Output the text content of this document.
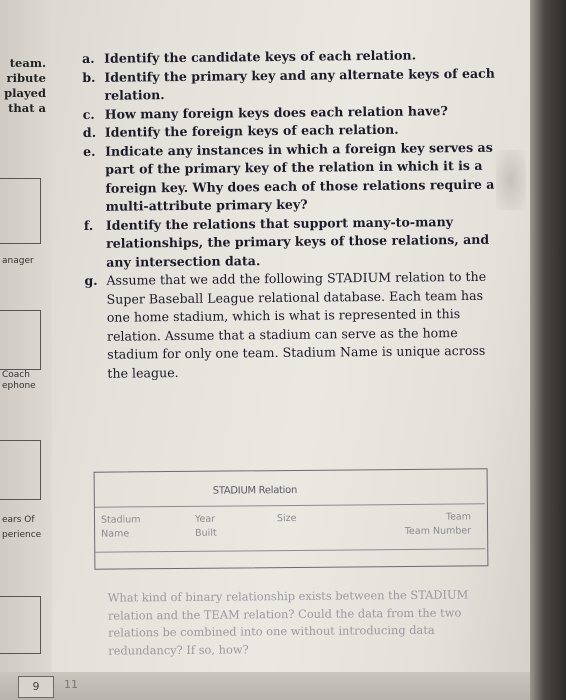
team.
ribute
played
that a
anager
Coach
ephone
ears Of
perience
a. Identify the candidate keys of each relation.
b. Identify the primary key and any alternate keys of each relation.
c. How many foreign keys does each relation have?
d. Identify the foreign keys of each relation.
e. Indicate any instances in which a foreign key serves as part of the primary key of the relation in which it is a foreign key. Why does each of those relations require a multi-attribute primary key?
f. Identify the relations that support many-to-many relationships, the primary keys of those relations, and any intersection data.
g. Assume that we add the following STADIUM relation to the Super Baseball League relational database. Each team has one home stadium, which is what is represented in this relation. Assume that a stadium can serve as the home stadium for only one team. Stadium Name is unique across the league.
STADIUM Relation
Stadium
Name
Year
Built
Size	Team
Team Number
What kind of binary relationship exists between the STADIUM relation and the TEAM relation? Could the data from the two relations be combined into one without introducing data redundancy? If so, how?
9	11
